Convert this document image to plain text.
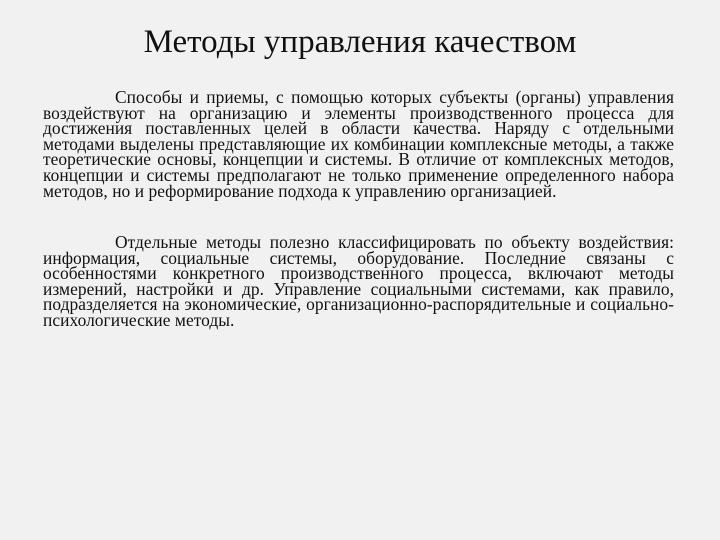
Методы управления качеством

Способы и приемы, с помощью которых субъекты (органы) управления воздействуют на организацию и элементы производственного процесса для достижения поставленных целей в области качества. Наряду с отдельными методами выделены представляющие их комбинации комплексные методы, а также теоретические основы, концепции и системы. В отличие от комплексных методов, концепции и системы предполагают не только применение определенного набора методов, но и реформирование подхода к управлению организацией.

Отдельные методы полезно классифицировать по объекту воздействия: информация, социальные системы, оборудование. Последние связаны с особенностями конкретного производственного процесса, включают методы измерений, настройки и др. Управление социальными системами, как правило, подразделяется на экономические, организационно-распорядительные и социально-психологические методы.
